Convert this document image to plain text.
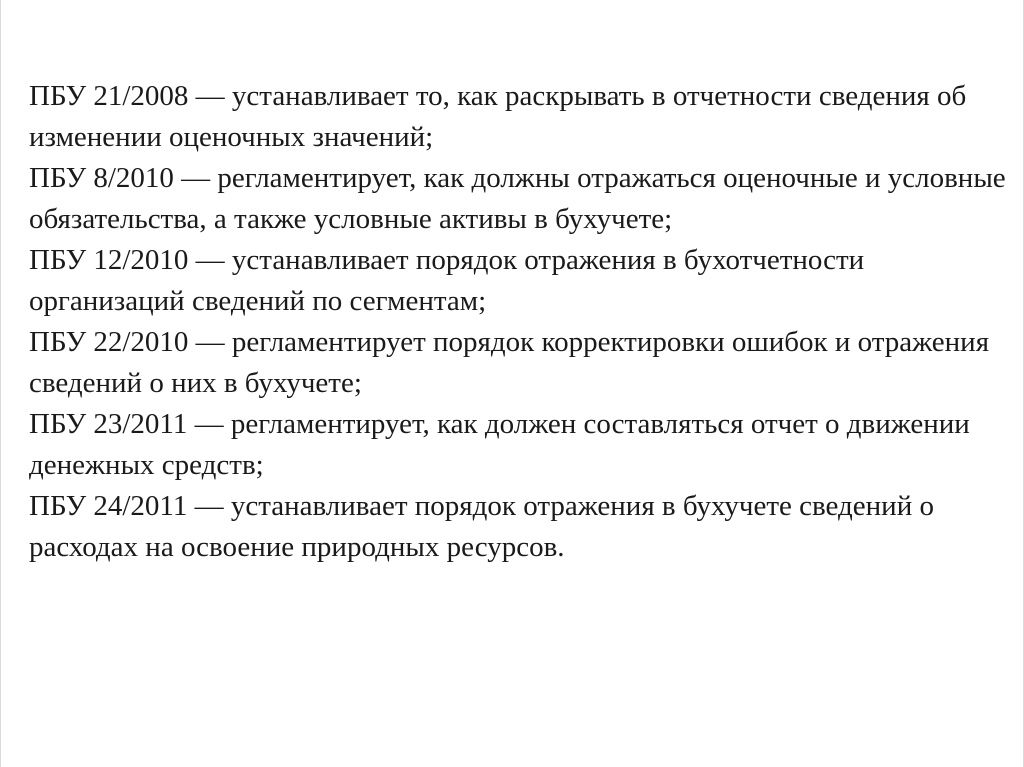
ПБУ 21/2008 — устанавливает то, как раскрывать в отчетности сведения об изменении оценочных значений;

ПБУ 8/2010 — регламентирует, как должны отражаться оценочные и условные обязательства, а также условные активы в бухучете;

ПБУ 12/2010 — устанавливает порядок отражения в бухотчетности организаций сведений по сегментам;

ПБУ 22/2010 — регламентирует порядок корректировки ошибок и отражения сведений о них в бухучете;

ПБУ 23/2011 — регламентирует, как должен составляться отчет о движении денежных средств;

ПБУ 24/2011 — устанавливает порядок отражения в бухучете сведений о расходах на освоение природных ресурсов.
